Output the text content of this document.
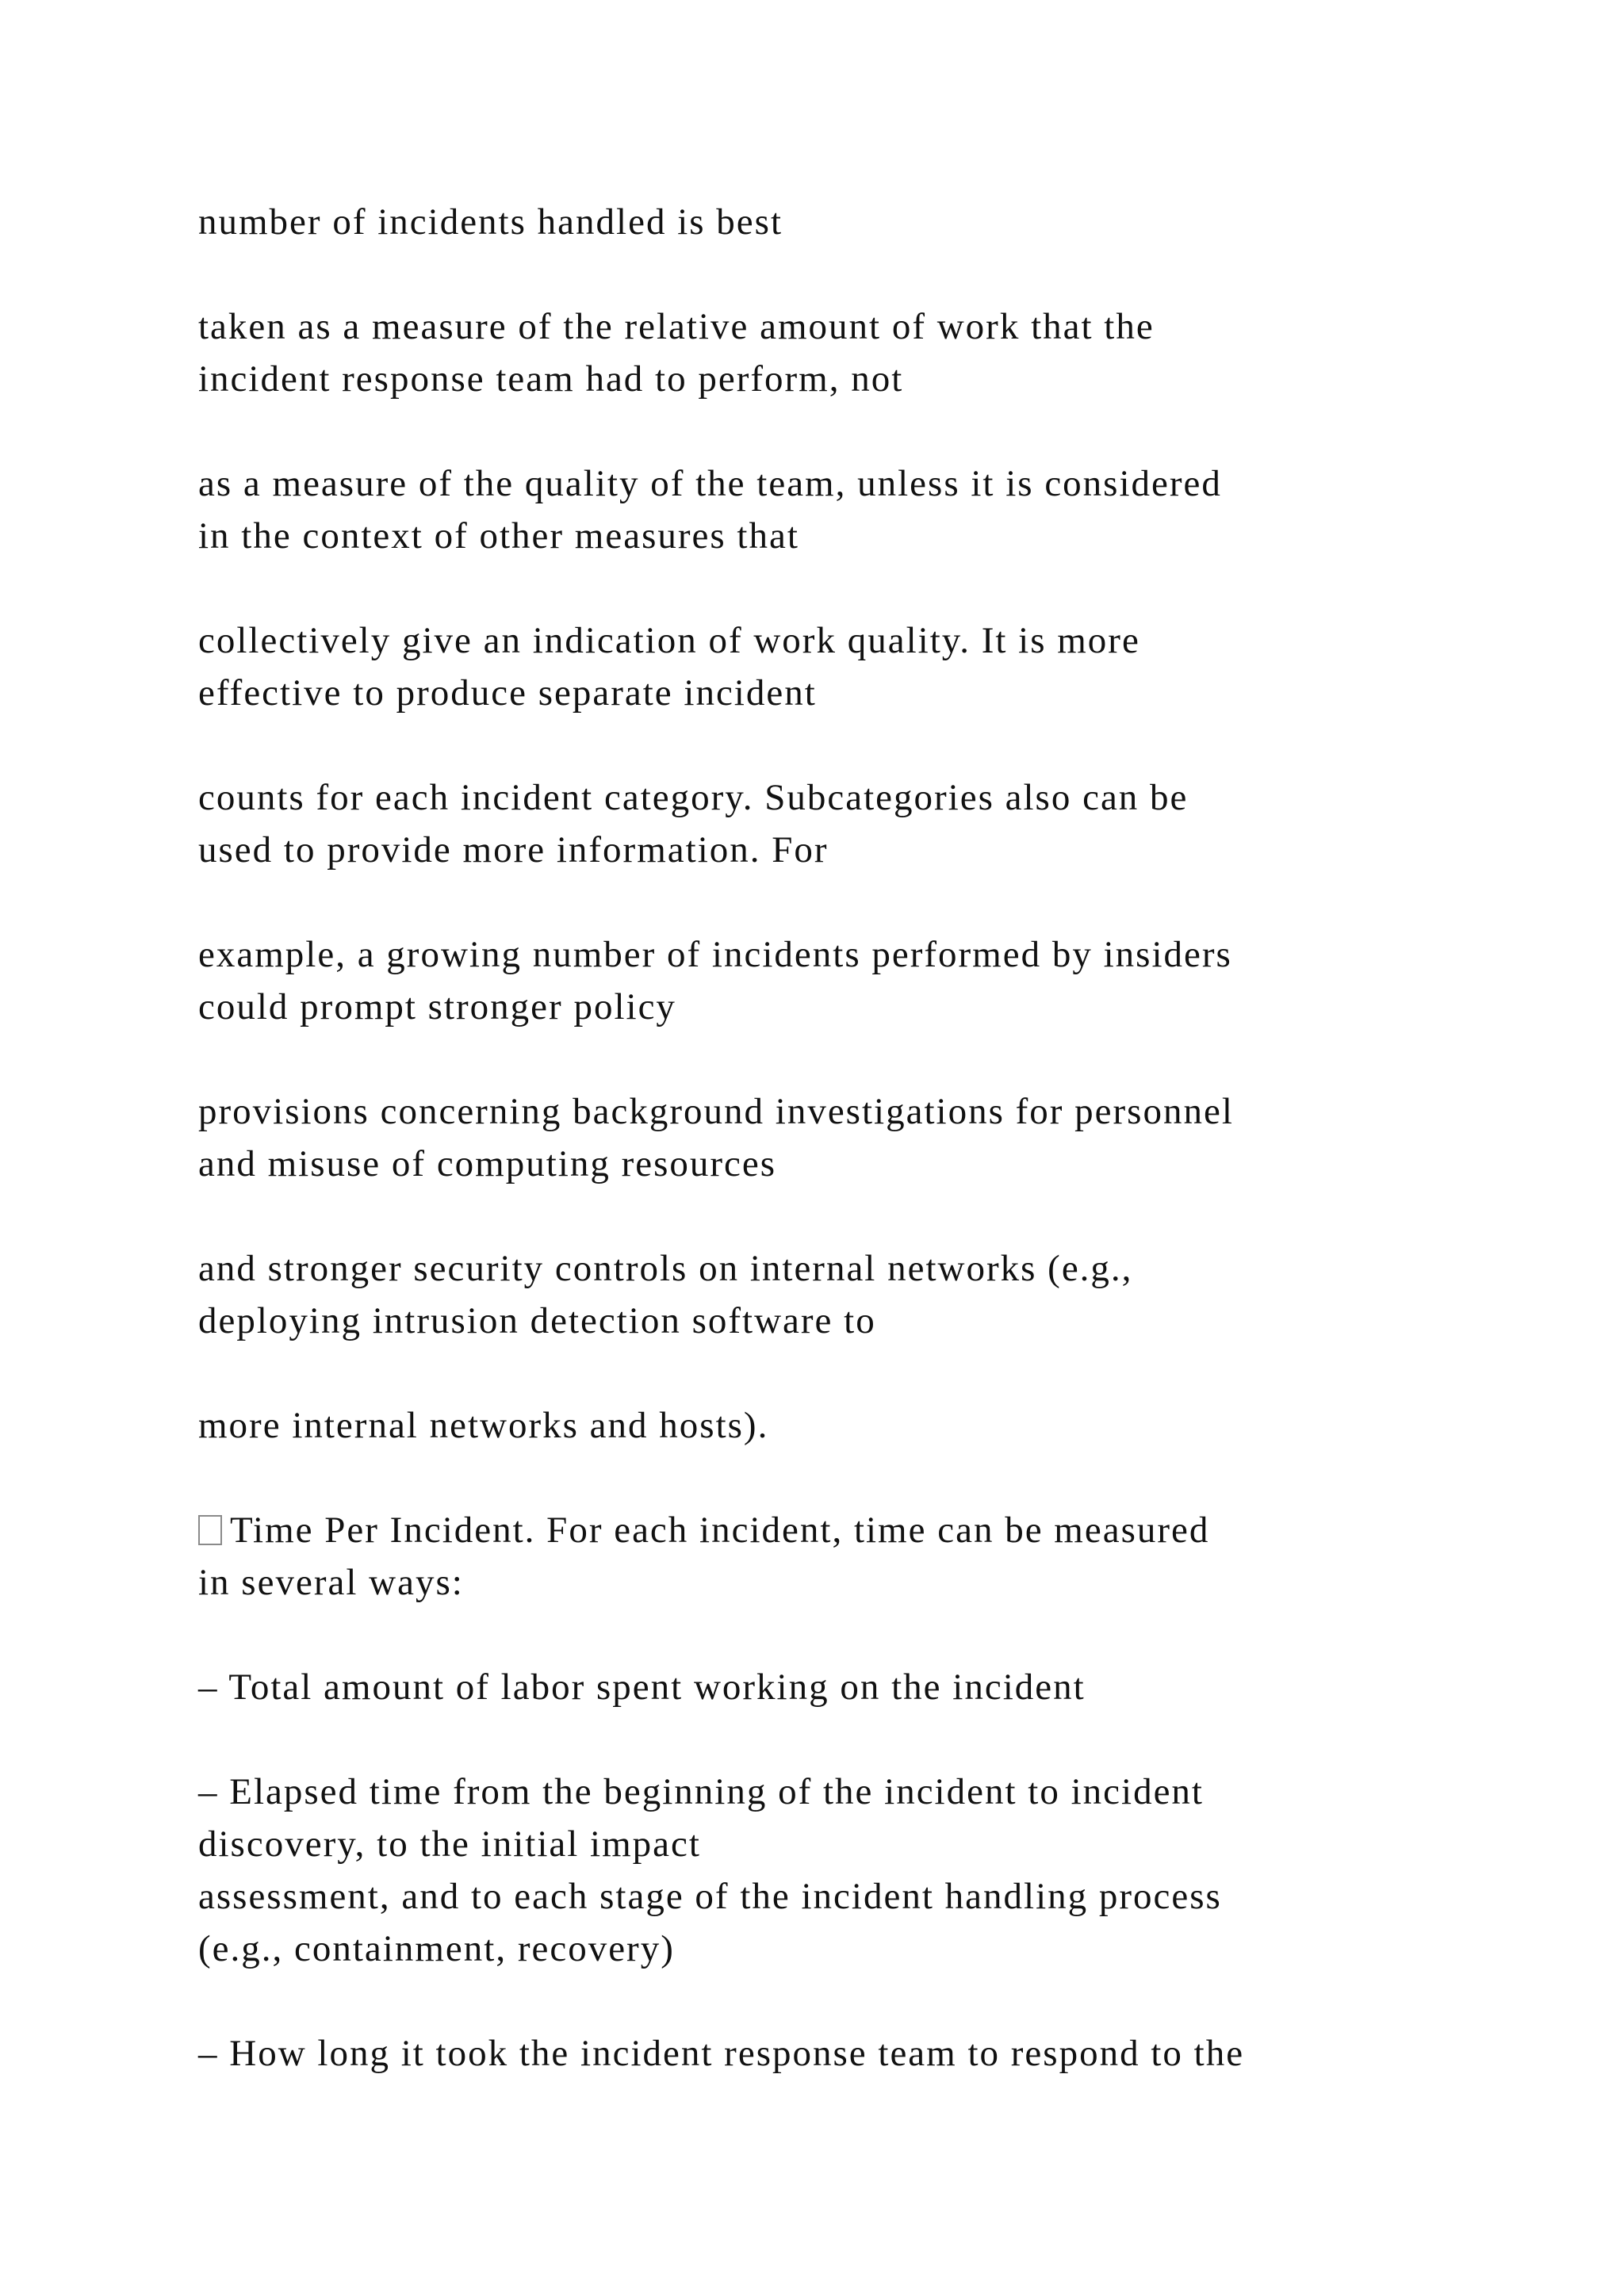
number of incidents handled is best

taken as a measure of the relative amount of work that the

incident response team had to perform, not

as a measure of the quality of the team, unless it is considered

in the context of other measures that

collectively give an indication of work quality. It is more

effective to produce separate incident

counts for each incident category. Subcategories also can be

used to provide more information. For

example, a growing number of incidents performed by insiders

could prompt stronger policy

provisions concerning background investigations for personnel

and misuse of computing resources

and stronger security controls on internal networks (e.g.,

deploying intrusion detection software to

more internal networks and hosts).

Time Per Incident. For each incident, time can be measured

in several ways:

– Total amount of labor spent working on the incident

– Elapsed time from the beginning of the incident to incident

discovery, to the initial impact

assessment, and to each stage of the incident handling process

(e.g., containment, recovery)

– How long it took the incident response team to respond to the
